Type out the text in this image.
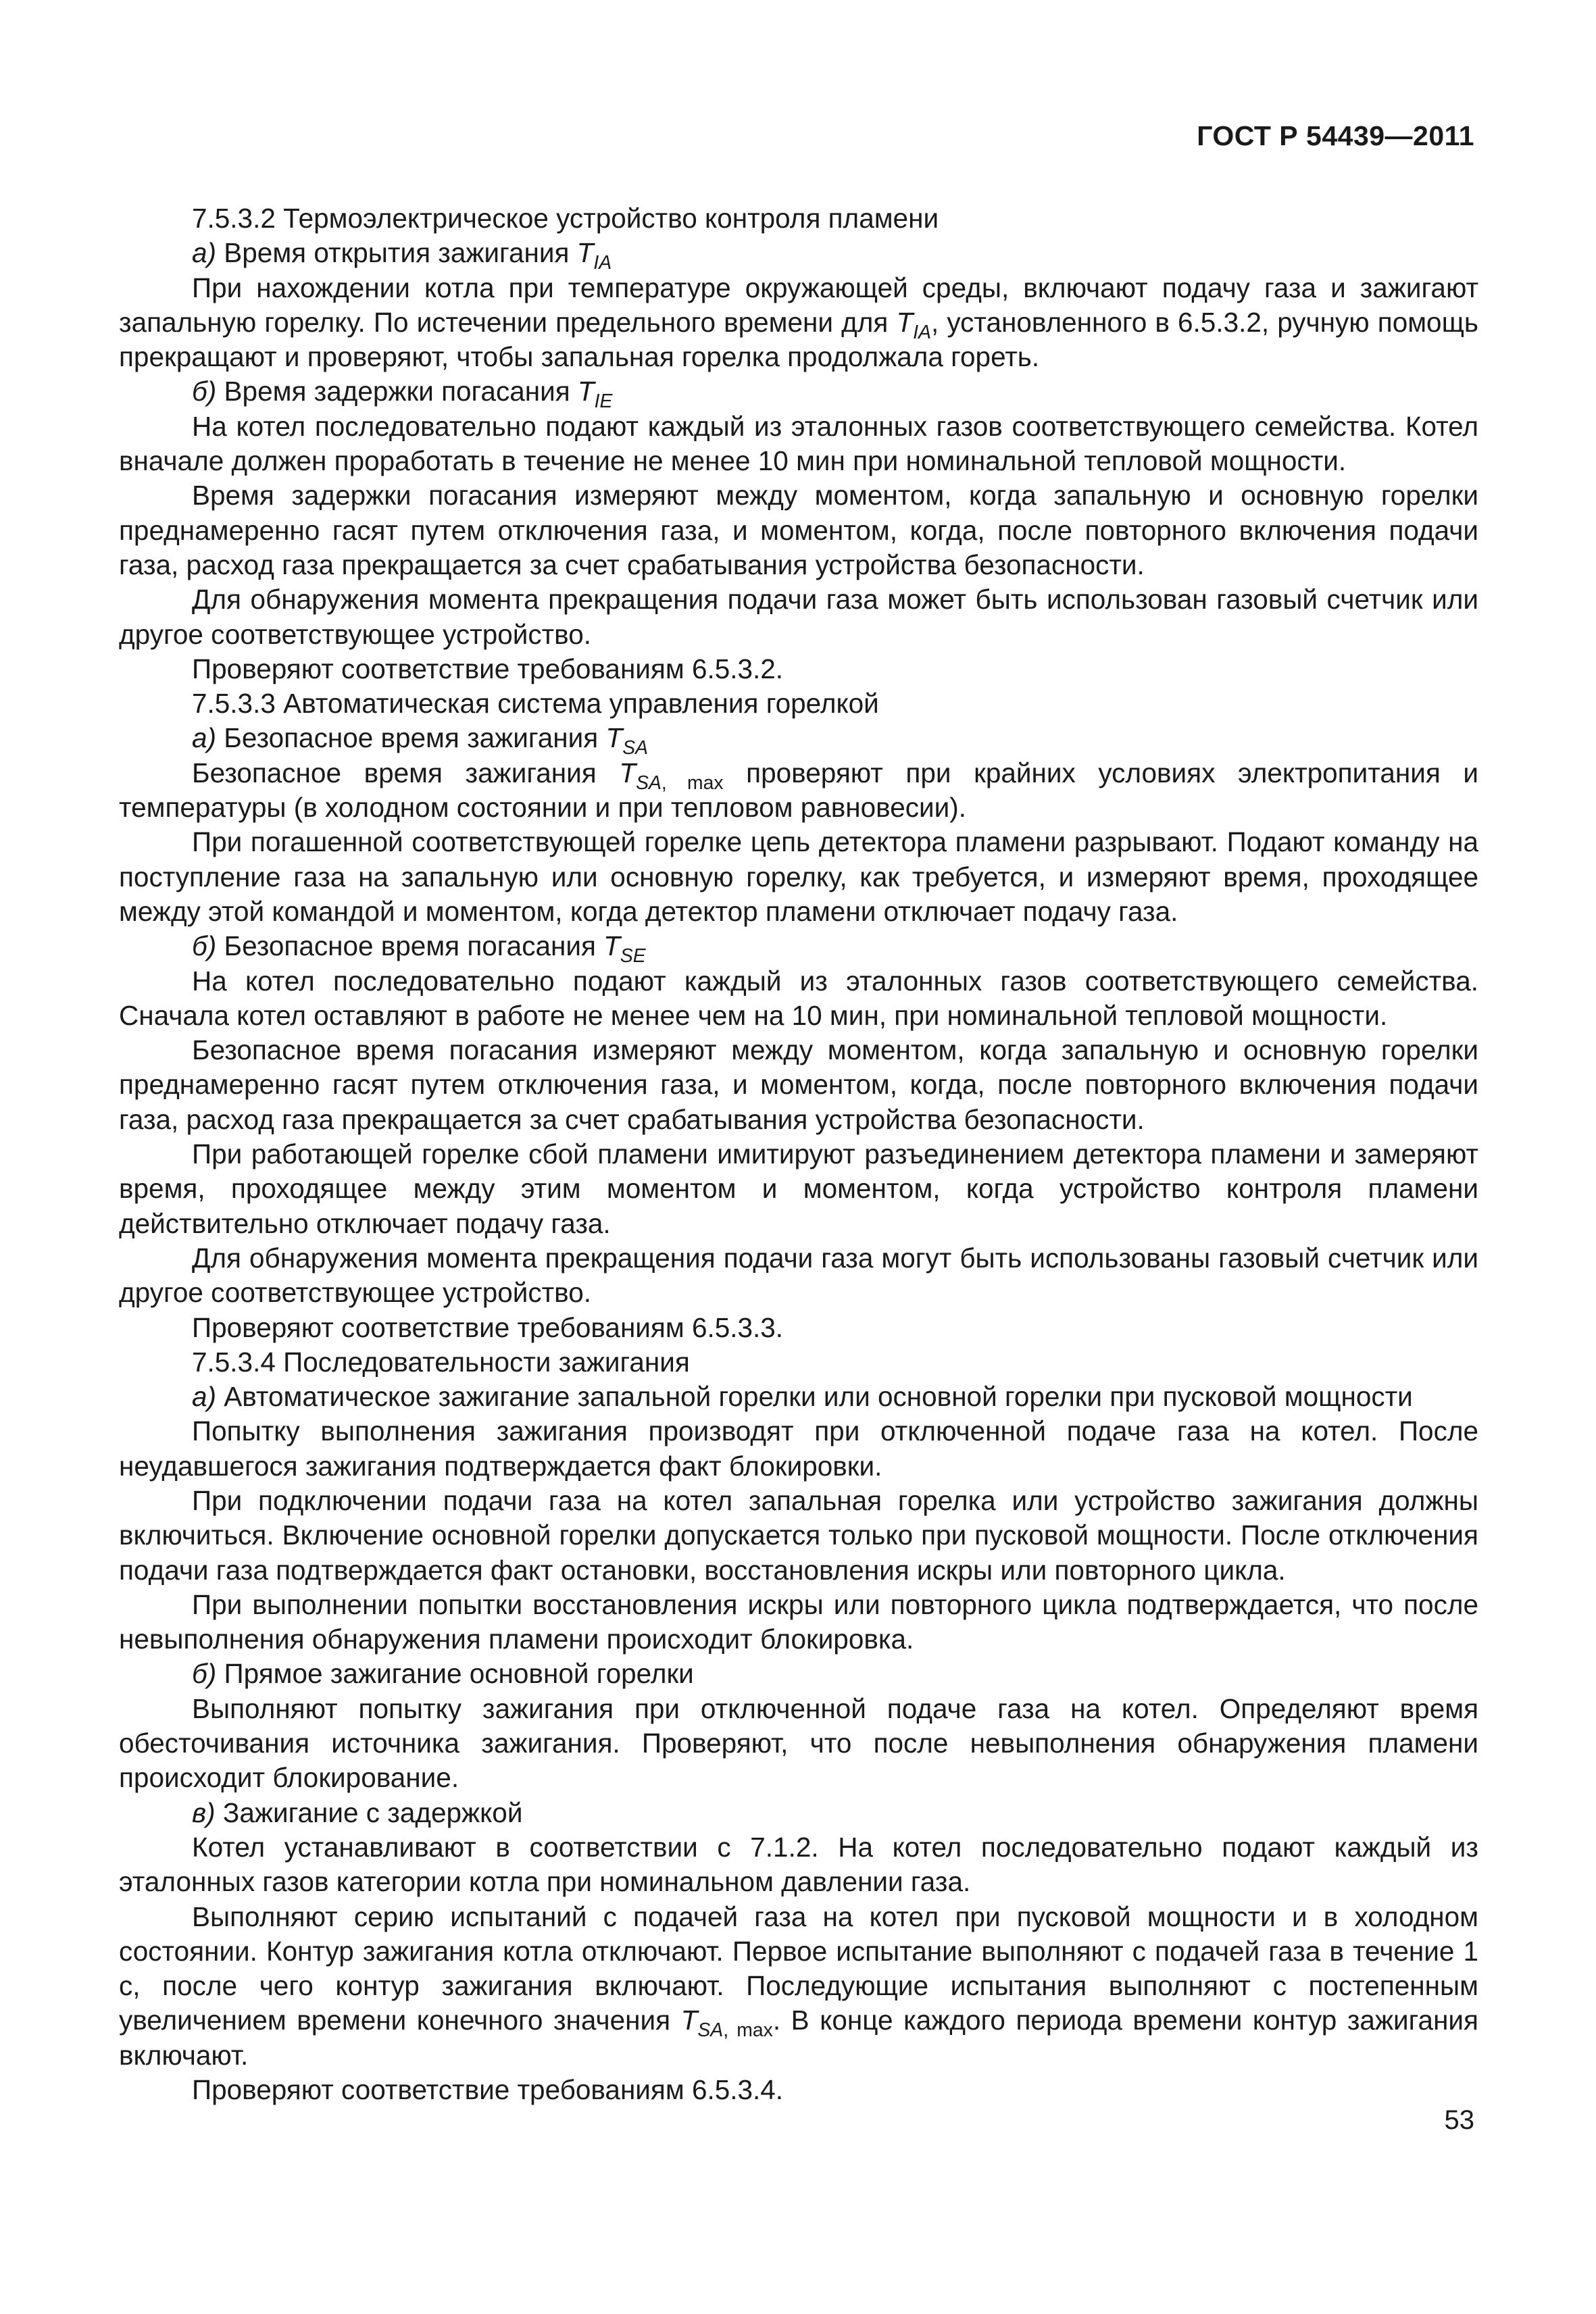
ГОСТ Р 54439—2011

7.5.3.2 Термоэлектрическое устройство контроля пламени

а) Время открытия зажигания $T_{IA}$

При нахождении котла при температуре окружающей среды, включают подачу газа и зажигают запальную горелку. По истечении предельного времени для $T_{IA}$, установленного в 6.5.3.2, ручную помощь прекращают и проверяют, чтобы запальная горелка продолжала гореть.

б) Время задержки погасания $T_{IE}$

На котел последовательно подают каждый из эталонных газов соответствующего семейства. Котел вначале должен проработать в течение не менее 10 мин при номинальной тепловой мощности.

Время задержки погасания измеряют между моментом, когда запальную и основную горелки преднамеренно гасят путем отключения газа, и моментом, когда, после повторного включения подачи газа, расход газа прекращается за счет срабатывания устройства безопасности.

Для обнаружения момента прекращения подачи газа может быть использован газовый счетчик или другое соответствующее устройство.

Проверяют соответствие требованиям 6.5.3.2.

7.5.3.3 Автоматическая система управления горелкой

а) Безопасное время зажигания $T_{SA}$

Безопасное время зажигания $T_{SA, max}$ проверяют при крайних условиях электропитания и температуры (в холодном состоянии и при тепловом равновесии).

При погашенной соответствующей горелке цепь детектора пламени разрывают. Подают команду на поступление газа на запальную или основную горелку, как требуется, и измеряют время, проходящее между этой командой и моментом, когда детектор пламени отключает подачу газа.

б) Безопасное время погасания $T_{SE}$

На котел последовательно подают каждый из эталонных газов соответствующего семейства. Сначала котел оставляют в работе не менее чем на 10 мин, при номинальной тепловой мощности.

Безопасное время погасания измеряют между моментом, когда запальную и основную горелки преднамеренно гасят путем отключения газа, и моментом, когда, после повторного включения подачи газа, расход газа прекращается за счет срабатывания устройства безопасности.

При работающей горелке сбой пламени имитируют разъединением детектора пламени и замеряют время, проходящее между этим моментом и моментом, когда устройство контроля пламени действительно отключает подачу газа.

Для обнаружения момента прекращения подачи газа могут быть использованы газовый счетчик или другое соответствующее устройство.

Проверяют соответствие требованиям 6.5.3.3.

7.5.3.4 Последовательности зажигания

а) Автоматическое зажигание запальной горелки или основной горелки при пусковой мощности

Попытку выполнения зажигания производят при отключенной подаче газа на котел. После неудавшегося зажигания подтверждается факт блокировки.

При подключении подачи газа на котел запальная горелка или устройство зажигания должны включиться. Включение основной горелки допускается только при пусковой мощности. После отключения подачи газа подтверждается факт остановки, восстановления искры или повторного цикла.

При выполнении попытки восстановления искры или повторного цикла подтверждается, что после невыполнения обнаружения пламени происходит блокировка.

б) Прямое зажигание основной горелки

Выполняют попытку зажигания при отключенной подаче газа на котел. Определяют время обесточивания источника зажигания. Проверяют, что после невыполнения обнаружения пламени происходит блокирование.

в) Зажигание с задержкой

Котел устанавливают в соответствии с 7.1.2. На котел последовательно подают каждый из эталонных газов категории котла при номинальном давлении газа.

Выполняют серию испытаний с подачей газа на котел при пусковой мощности и в холодном состоянии. Контур зажигания котла отключают. Первое испытание выполняют с подачей газа в течение 1 с, после чего контур зажигания включают. Последующие испытания выполняют с постепенным увеличением времени конечного значения $T_{SA, max}$. В конце каждого периода времени контур зажигания включают.

Проверяют соответствие требованиям 6.5.3.4.

53
